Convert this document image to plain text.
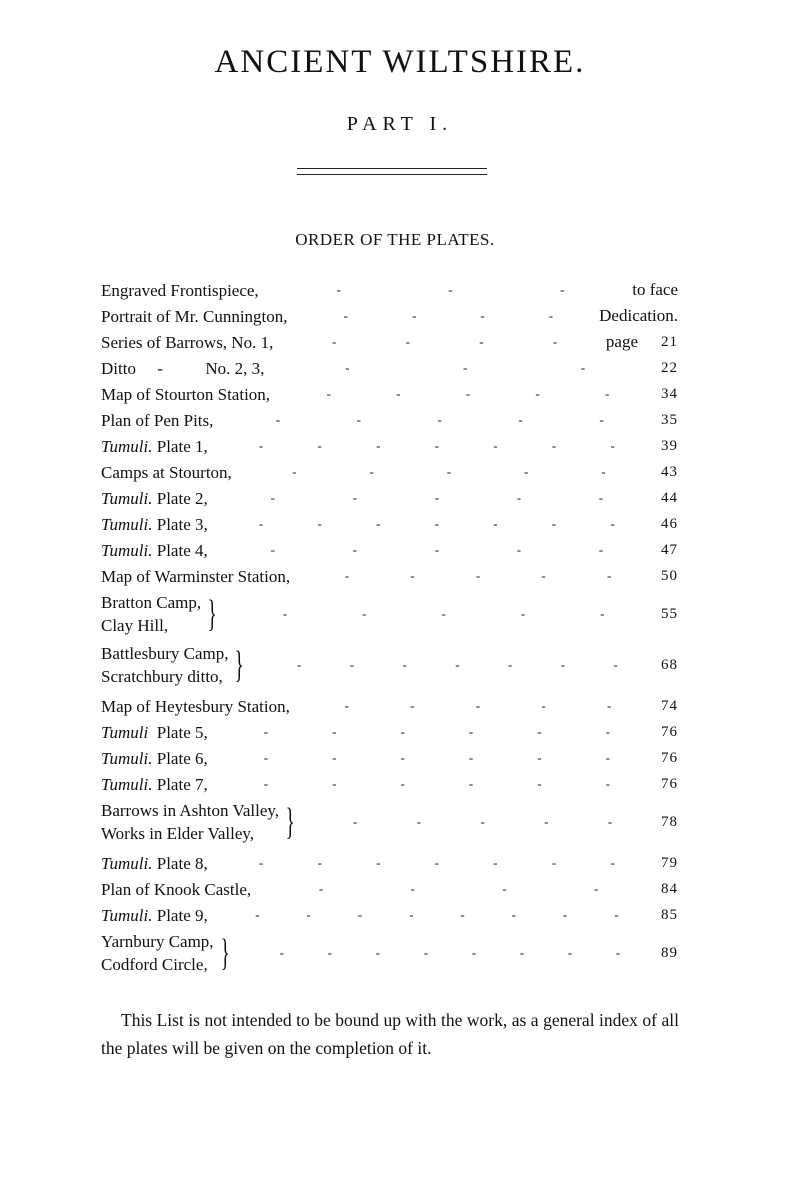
ANCIENT WILTSHIRE.
PART I.
ORDER OF THE PLATES.
Engraved Frontispiece,	-	-	-	to face
Portrait of Mr. Cunnington,	-	-	-	-	Dedication.
Series of Barrows, No. 1,	-	-	-	-	page	21
Ditto     -          No. 2, 3,	-	-	-	22
Map of Stourton Station,	-	-	-	-	-	34
Plan of Pen Pits,	-	-	-	-	-	35
Tumuli. Plate 1,	-	-	-	-	-	-	-	39
Camps at Stourton,	-	-	-	-	-	43
Tumuli. Plate 2,	-	-	-	-	-	44
Tumuli. Plate 3,	-	-	-	-	-	-	-	46
Tumuli. Plate 4,	-	-	-	-	-	47
Map of Warminster Station,	-	-	-	-	-	50
Bratton Camp,
Clay Hill,	}	-	-	-	-	-	55
Battlesbury Camp,
Scratchbury ditto, }	-	-	-	-	-	-	-	68
Map of Heytesbury Station,	-	-	-	-	-	74
Tumuli  Plate 5,	-	-	-	-	-	-	76
Tumuli. Plate 6,	-	-	-	-	-	-	76
Tumuli. Plate 7,	-	-	-	-	-	-	76
Barrows in Ashton Valley,
Works in Elder Valley, }	-	-	-	-	-	78
Tumuli. Plate 8,	-	-	-	-	-	-	-	79
Plan of Knook Castle,	-	-	-	-	84
Tumuli. Plate 9,	-	-	-	-	-	-	-	-	85
Yarnbury Camp,
Codford Circle, }	-	-	-	-	-	-	-	-	89
This List is not intended to be bound up with the work, as a general index of all the plates will be given on the completion of it.
